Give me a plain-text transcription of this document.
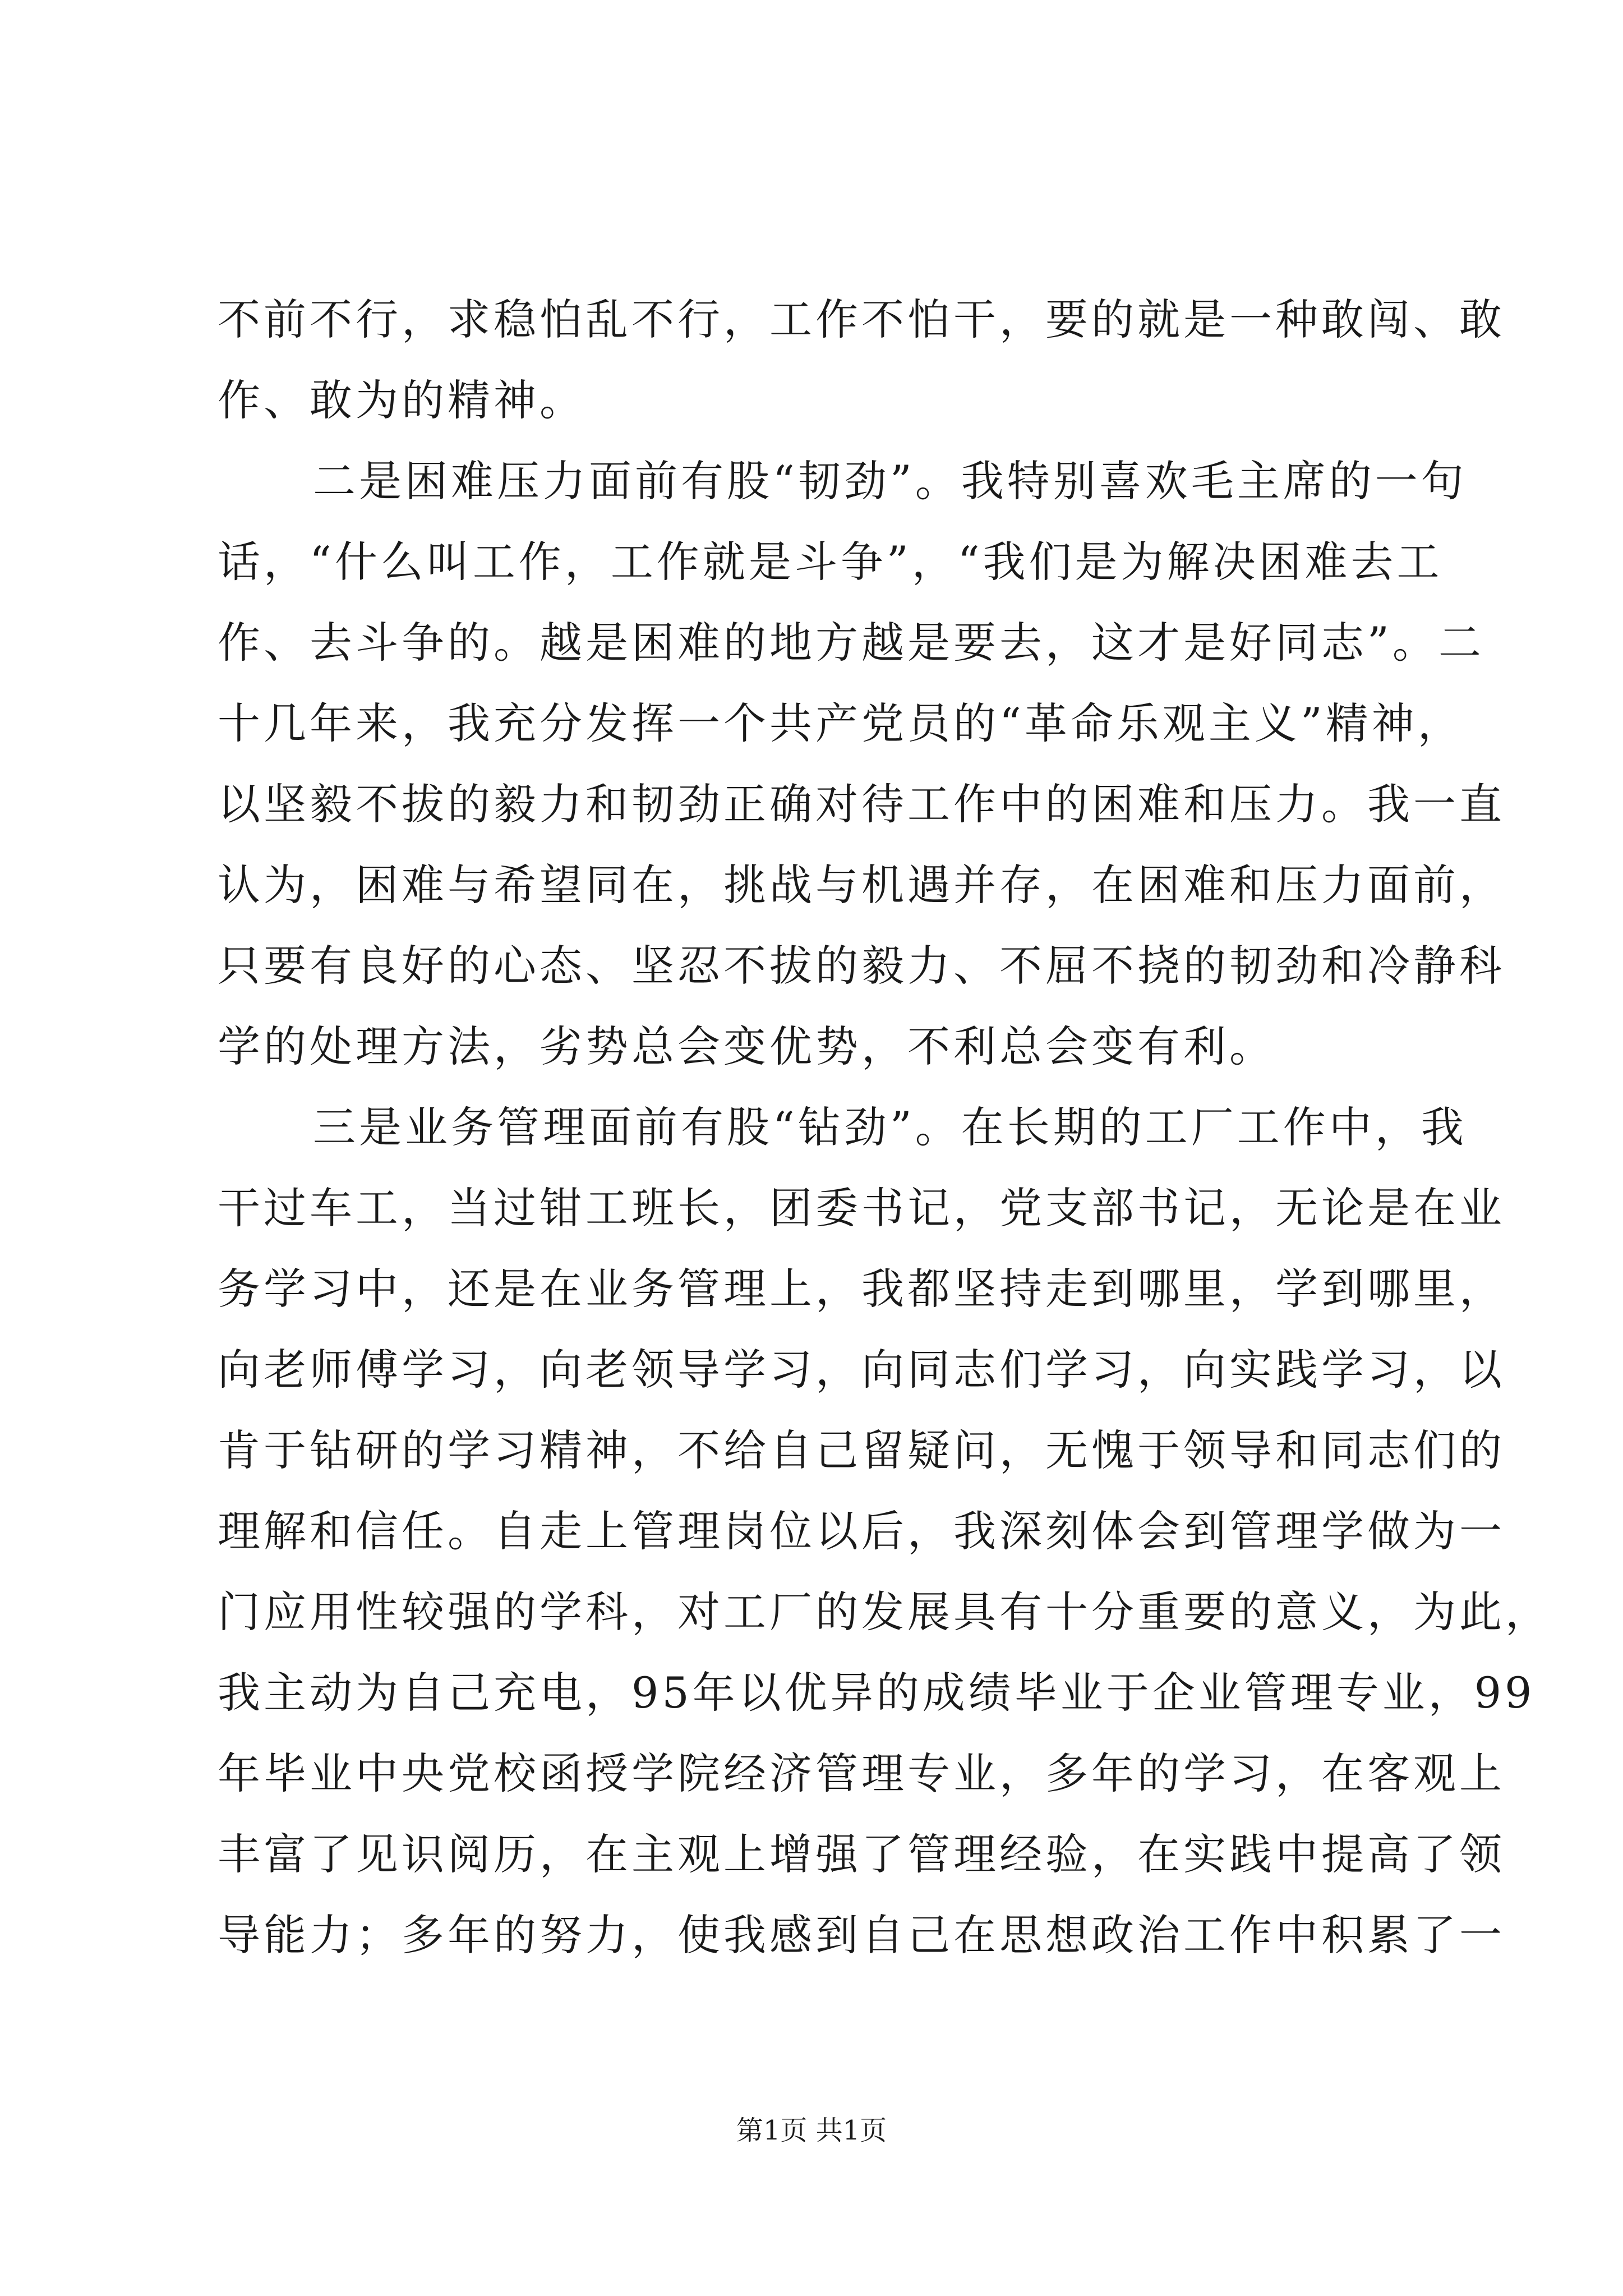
不前不行，求稳怕乱不行，工作不怕干，要的就是一种敢闯、敢
作、敢为的精神。
二是困难压力面前有股“韧劲”。我特别喜欢毛主席的一句
话，“什么叫工作，工作就是斗争”，“我们是为解决困难去工
作、去斗争的。越是困难的地方越是要去，这才是好同志”。二
十几年来，我充分发挥一个共产党员的“革命乐观主义”精神，
以坚毅不拔的毅力和韧劲正确对待工作中的困难和压力。我一直
认为，困难与希望同在，挑战与机遇并存，在困难和压力面前，
只要有良好的心态、坚忍不拔的毅力、不屈不挠的韧劲和冷静科
学的处理方法，劣势总会变优势，不利总会变有利。
三是业务管理面前有股“钻劲”。在长期的工厂工作中，我
干过车工，当过钳工班长，团委书记，党支部书记，无论是在业
务学习中，还是在业务管理上，我都坚持走到哪里，学到哪里，
向老师傅学习，向老领导学习，向同志们学习，向实践学习，以
肯于钻研的学习精神，不给自己留疑问，无愧于领导和同志们的
理解和信任。自走上管理岗位以后，我深刻体会到管理学做为一
门应用性较强的学科，对工厂的发展具有十分重要的意义，为此，
我主动为自己充电，95年以优异的成绩毕业于企业管理专业，99
年毕业中央党校函授学院经济管理专业，多年的学习，在客观上
丰富了见识阅历，在主观上增强了管理经验，在实践中提高了领
导能力；多年的努力，使我感到自己在思想政治工作中积累了一
第1页 共1页
